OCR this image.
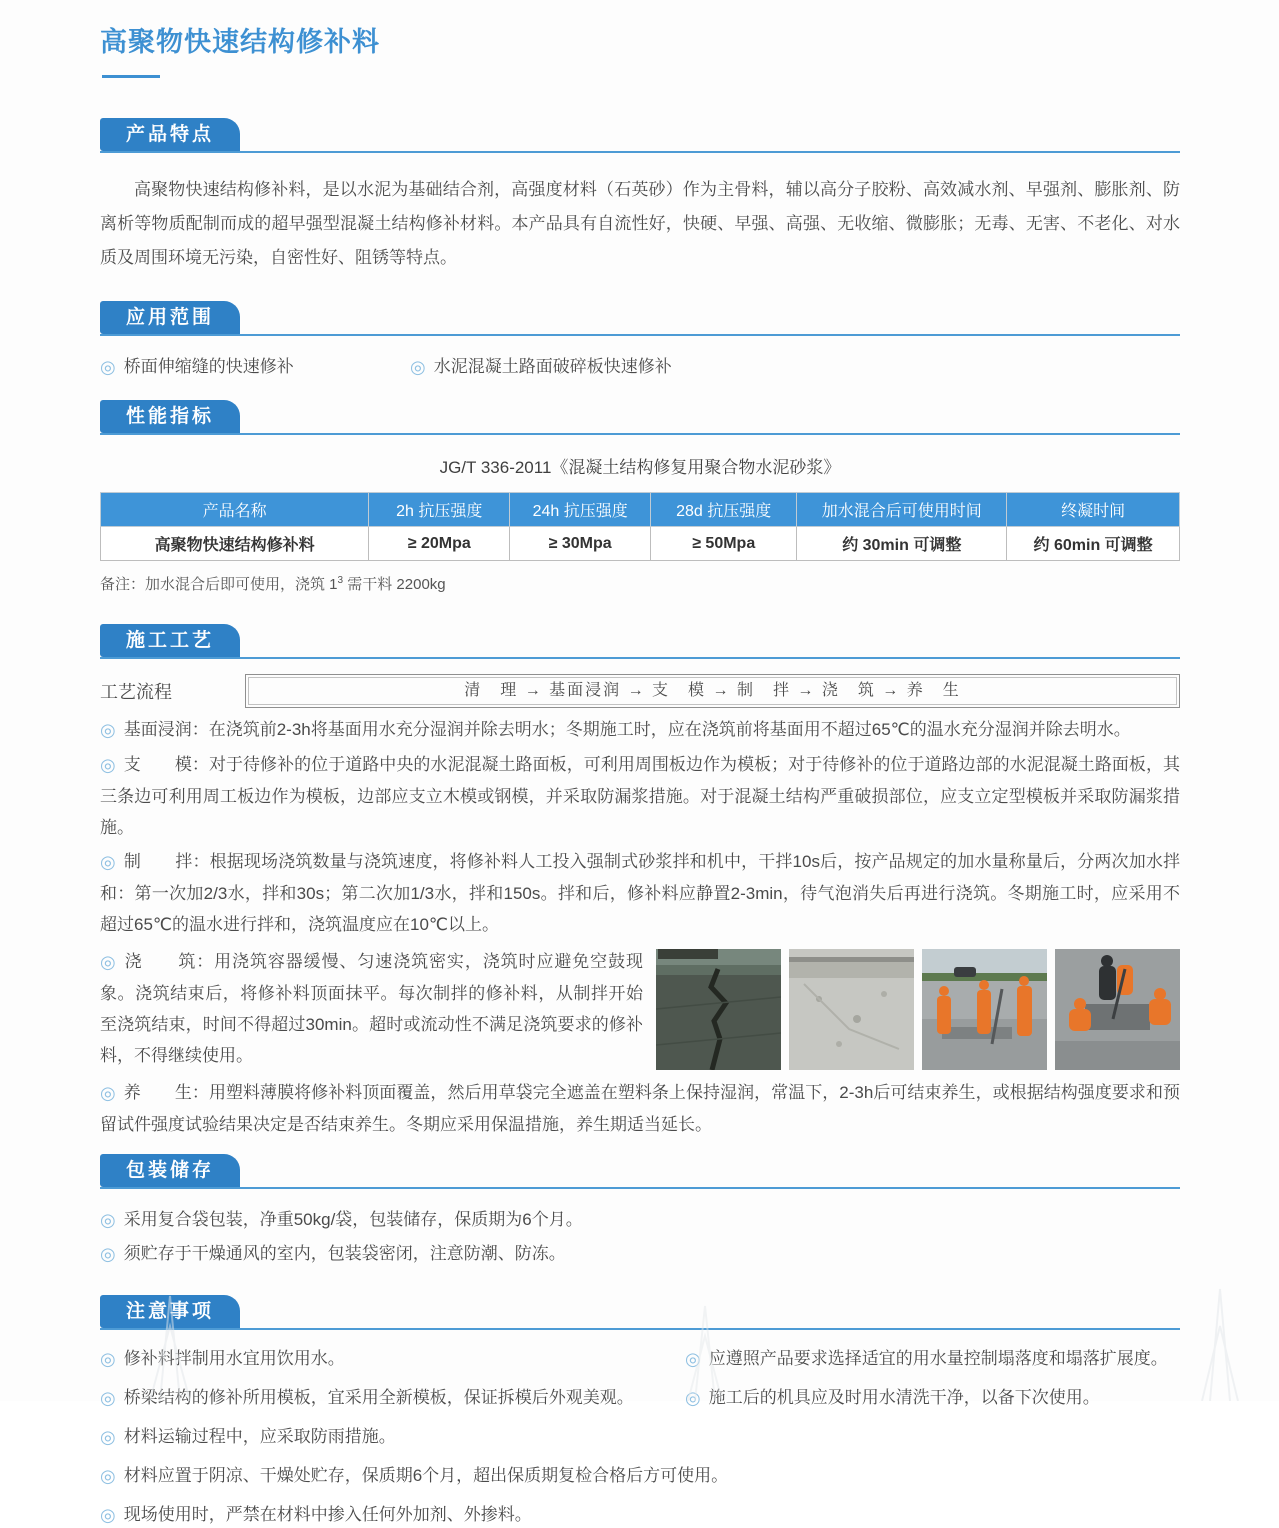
高聚物快速结构修补料
产品特点

高聚物快速结构修补料，是以水泥为基础结合剂，高强度材料（石英砂）作为主骨料，辅以高分子胶粉、高效减水剂、早强剂、膨胀剂、防离析等物质配制而成的超早强型混凝土结构修补材料。本产品具有自流性好，快硬、早强、高强、无收缩、微膨胀；无毒、无害、不老化、对水质及周围环境无污染，自密性好、阻锈等特点。

应用范围
◎ 桥面伸缩缝的快速修补	◎ 水泥混凝土路面破碎板快速修补
性能指标

JG/T 336-2011《混凝土结构修复用聚合物水泥砂浆》

产品名称	2h 抗压强度	24h 抗压强度	28d 抗压强度	加水混合后可使用时间	终凝时间
高聚物快速结构修补料	≥ 20Mpa	≥ 30Mpa	≥ 50Mpa	约 30min 可调整	约 60min 可调整

备注：加水混合后即可使用，浇筑 $1^3$ 需干料 2200kg

施工工艺
工艺流程	清　理 → 基面浸润 → 支　模 → 制　拌 → 浇　筑 → 养　生

◎ 基面浸润：在浇筑前2-3h将基面用水充分湿润并除去明水；冬期施工时，应在浇筑前将基面用不超过65℃的温水充分湿润并除去明水。

◎ 支　　模：对于待修补的位于道路中央的水泥混凝土路面板，可利用周围板边作为模板；对于待修补的位于道路边部的水泥混凝土路面板，其三条边可利用周工板边作为模板，边部应支立木模或钢模，并采取防漏浆措施。对于混凝土结构严重破损部位，应支立定型模板并采取防漏浆措施。

◎ 制　　拌：根据现场浇筑数量与浇筑速度，将修补料人工投入强制式砂浆拌和机中，干拌10s后，按产品规定的加水量称量后，分两次加水拌和：第一次加2/3水，拌和30s；第二次加1/3水，拌和150s。拌和后，修补料应静置2-3min，待气泡消失后再进行浇筑。冬期施工时，应采用不超过65℃的温水进行拌和，浇筑温度应在10℃以上。

◎ 浇　　筑：用浇筑容器缓慢、匀速浇筑密实，浇筑时应避免空鼓现象。浇筑结束后，将修补料顶面抹平。每次制拌的修补料，从制拌开始至浇筑结束，时间不得超过30min。超时或流动性不满足浇筑要求的修补料，不得继续使用。

◎ 养　　生：用塑料薄膜将修补料顶面覆盖，然后用草袋完全遮盖在塑料条上保持湿润，常温下，2-3h后可结束养生，或根据结构强度要求和预留试件强度试验结果决定是否结束养生。冬期应采用保温措施，养生期适当延长。

包装储存
◎ 采用复合袋包装，净重50kg/袋，包装储存，保质期为6个月。
◎ 须贮存于干燥通风的室内，包装袋密闭，注意防潮、防冻。
注意事项
◎ 修补料拌制用水宜用饮用水。	◎ 应遵照产品要求选择适宜的用水量控制塌落度和塌落扩展度。
◎ 桥梁结构的修补所用模板，宜采用全新模板，保证拆模后外观美观。	◎ 施工后的机具应及时用水清洗干净，以备下次使用。
◎ 材料运输过程中，应采取防雨措施。
◎ 材料应置于阴凉、干燥处贮存，保质期6个月，超出保质期复检合格后方可使用。
◎ 现场使用时，严禁在材料中掺入任何外加剂、外掺料。
